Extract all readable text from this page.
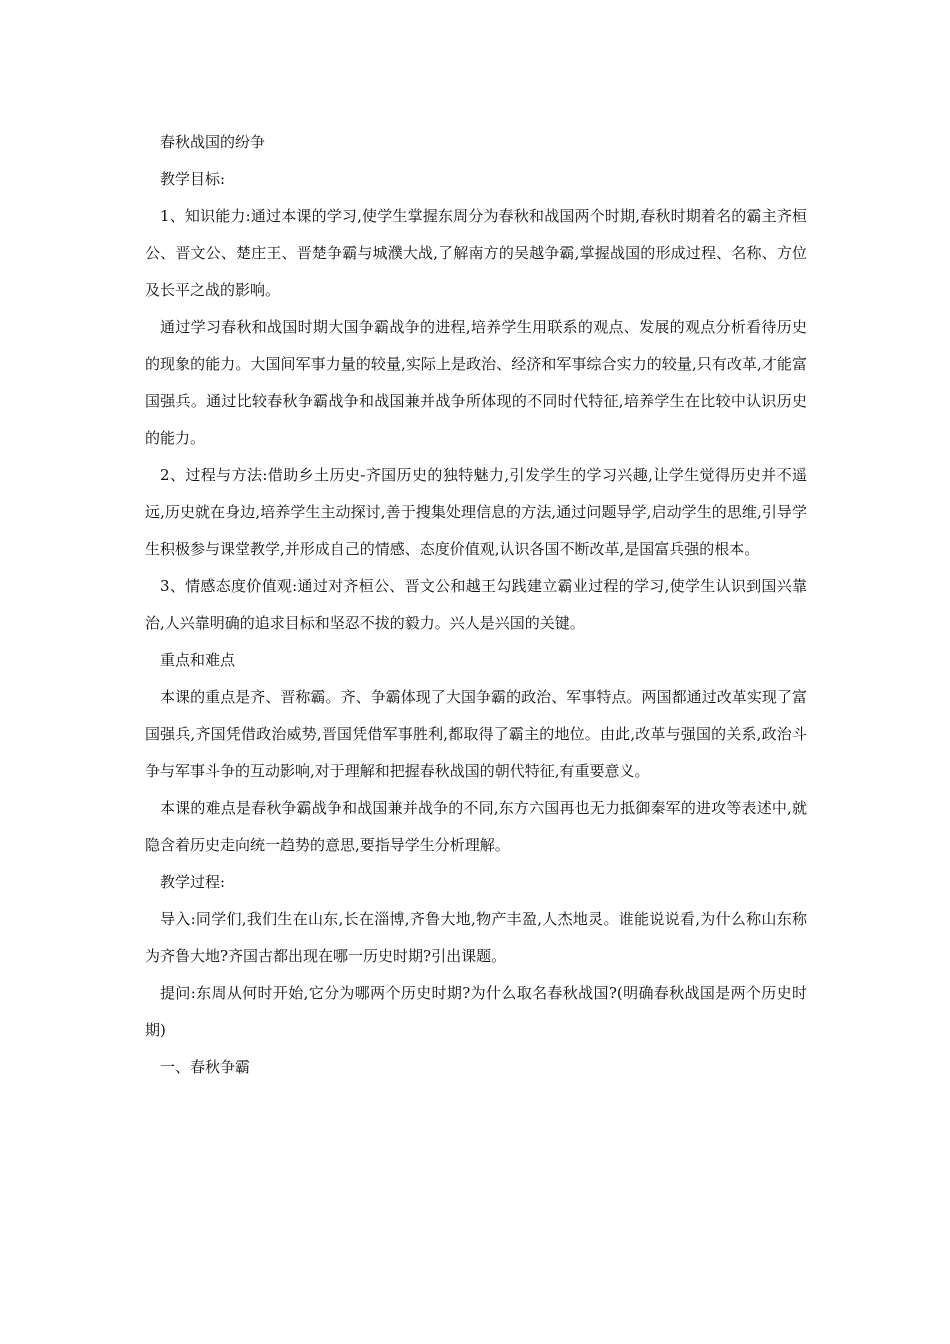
春秋战国的纷争

教学目标:

1、知识能力:通过本课的学习,使学生掌握东周分为春秋和战国两个时期,春秋时期着名的霸主齐桓公、晋文公、楚庄王、晋楚争霸与城濮大战,了解南方的吴越争霸,掌握战国的形成过程、名称、方位及长平之战的影响。

通过学习春秋和战国时期大国争霸战争的进程,培养学生用联系的观点、发展的观点分析看待历史的现象的能力。大国间军事力量的较量,实际上是政治、经济和军事综合实力的较量,只有改革,才能富国强兵。通过比较春秋争霸战争和战国兼并战争所体现的不同时代特征,培养学生在比较中认识历史的能力。

2、过程与方法:借助乡土历史-齐国历史的独特魅力,引发学生的学习兴趣,让学生觉得历史并不遥远,历史就在身边,培养学生主动探讨,善于搜集处理信息的方法,通过问题导学,启动学生的思维,引导学生积极参与课堂教学,并形成自己的情感、态度价值观,认识各国不断改革,是国富兵强的根本。

3、情感态度价值观:通过对齐桓公、晋文公和越王勾践建立霸业过程的学习,使学生认识到国兴靠治,人兴靠明确的追求目标和坚忍不拔的毅力。兴人是兴国的关键。

重点和难点

本课的重点是齐、晋称霸。齐、争霸体现了大国争霸的政治、军事特点。两国都通过改革实现了富国强兵,齐国凭借政治威势,晋国凭借军事胜利,都取得了霸主的地位。由此,改革与强国的关系,政治斗争与军事斗争的互动影响,对于理解和把握春秋战国的朝代特征,有重要意义。

本课的难点是春秋争霸战争和战国兼并战争的不同,东方六国再也无力抵御秦军的进攻等表述中,就隐含着历史走向统一趋势的意思,要指导学生分析理解。

教学过程:

导入:同学们,我们生在山东,长在淄博,齐鲁大地,物产丰盈,人杰地灵。谁能说说看,为什么称山东称为齐鲁大地?齐国古都出现在哪一历史时期?引出课题。

提问:东周从何时开始,它分为哪两个历史时期?为什么取名春秋战国?(明确春秋战国是两个历史时期)

一、春秋争霸
